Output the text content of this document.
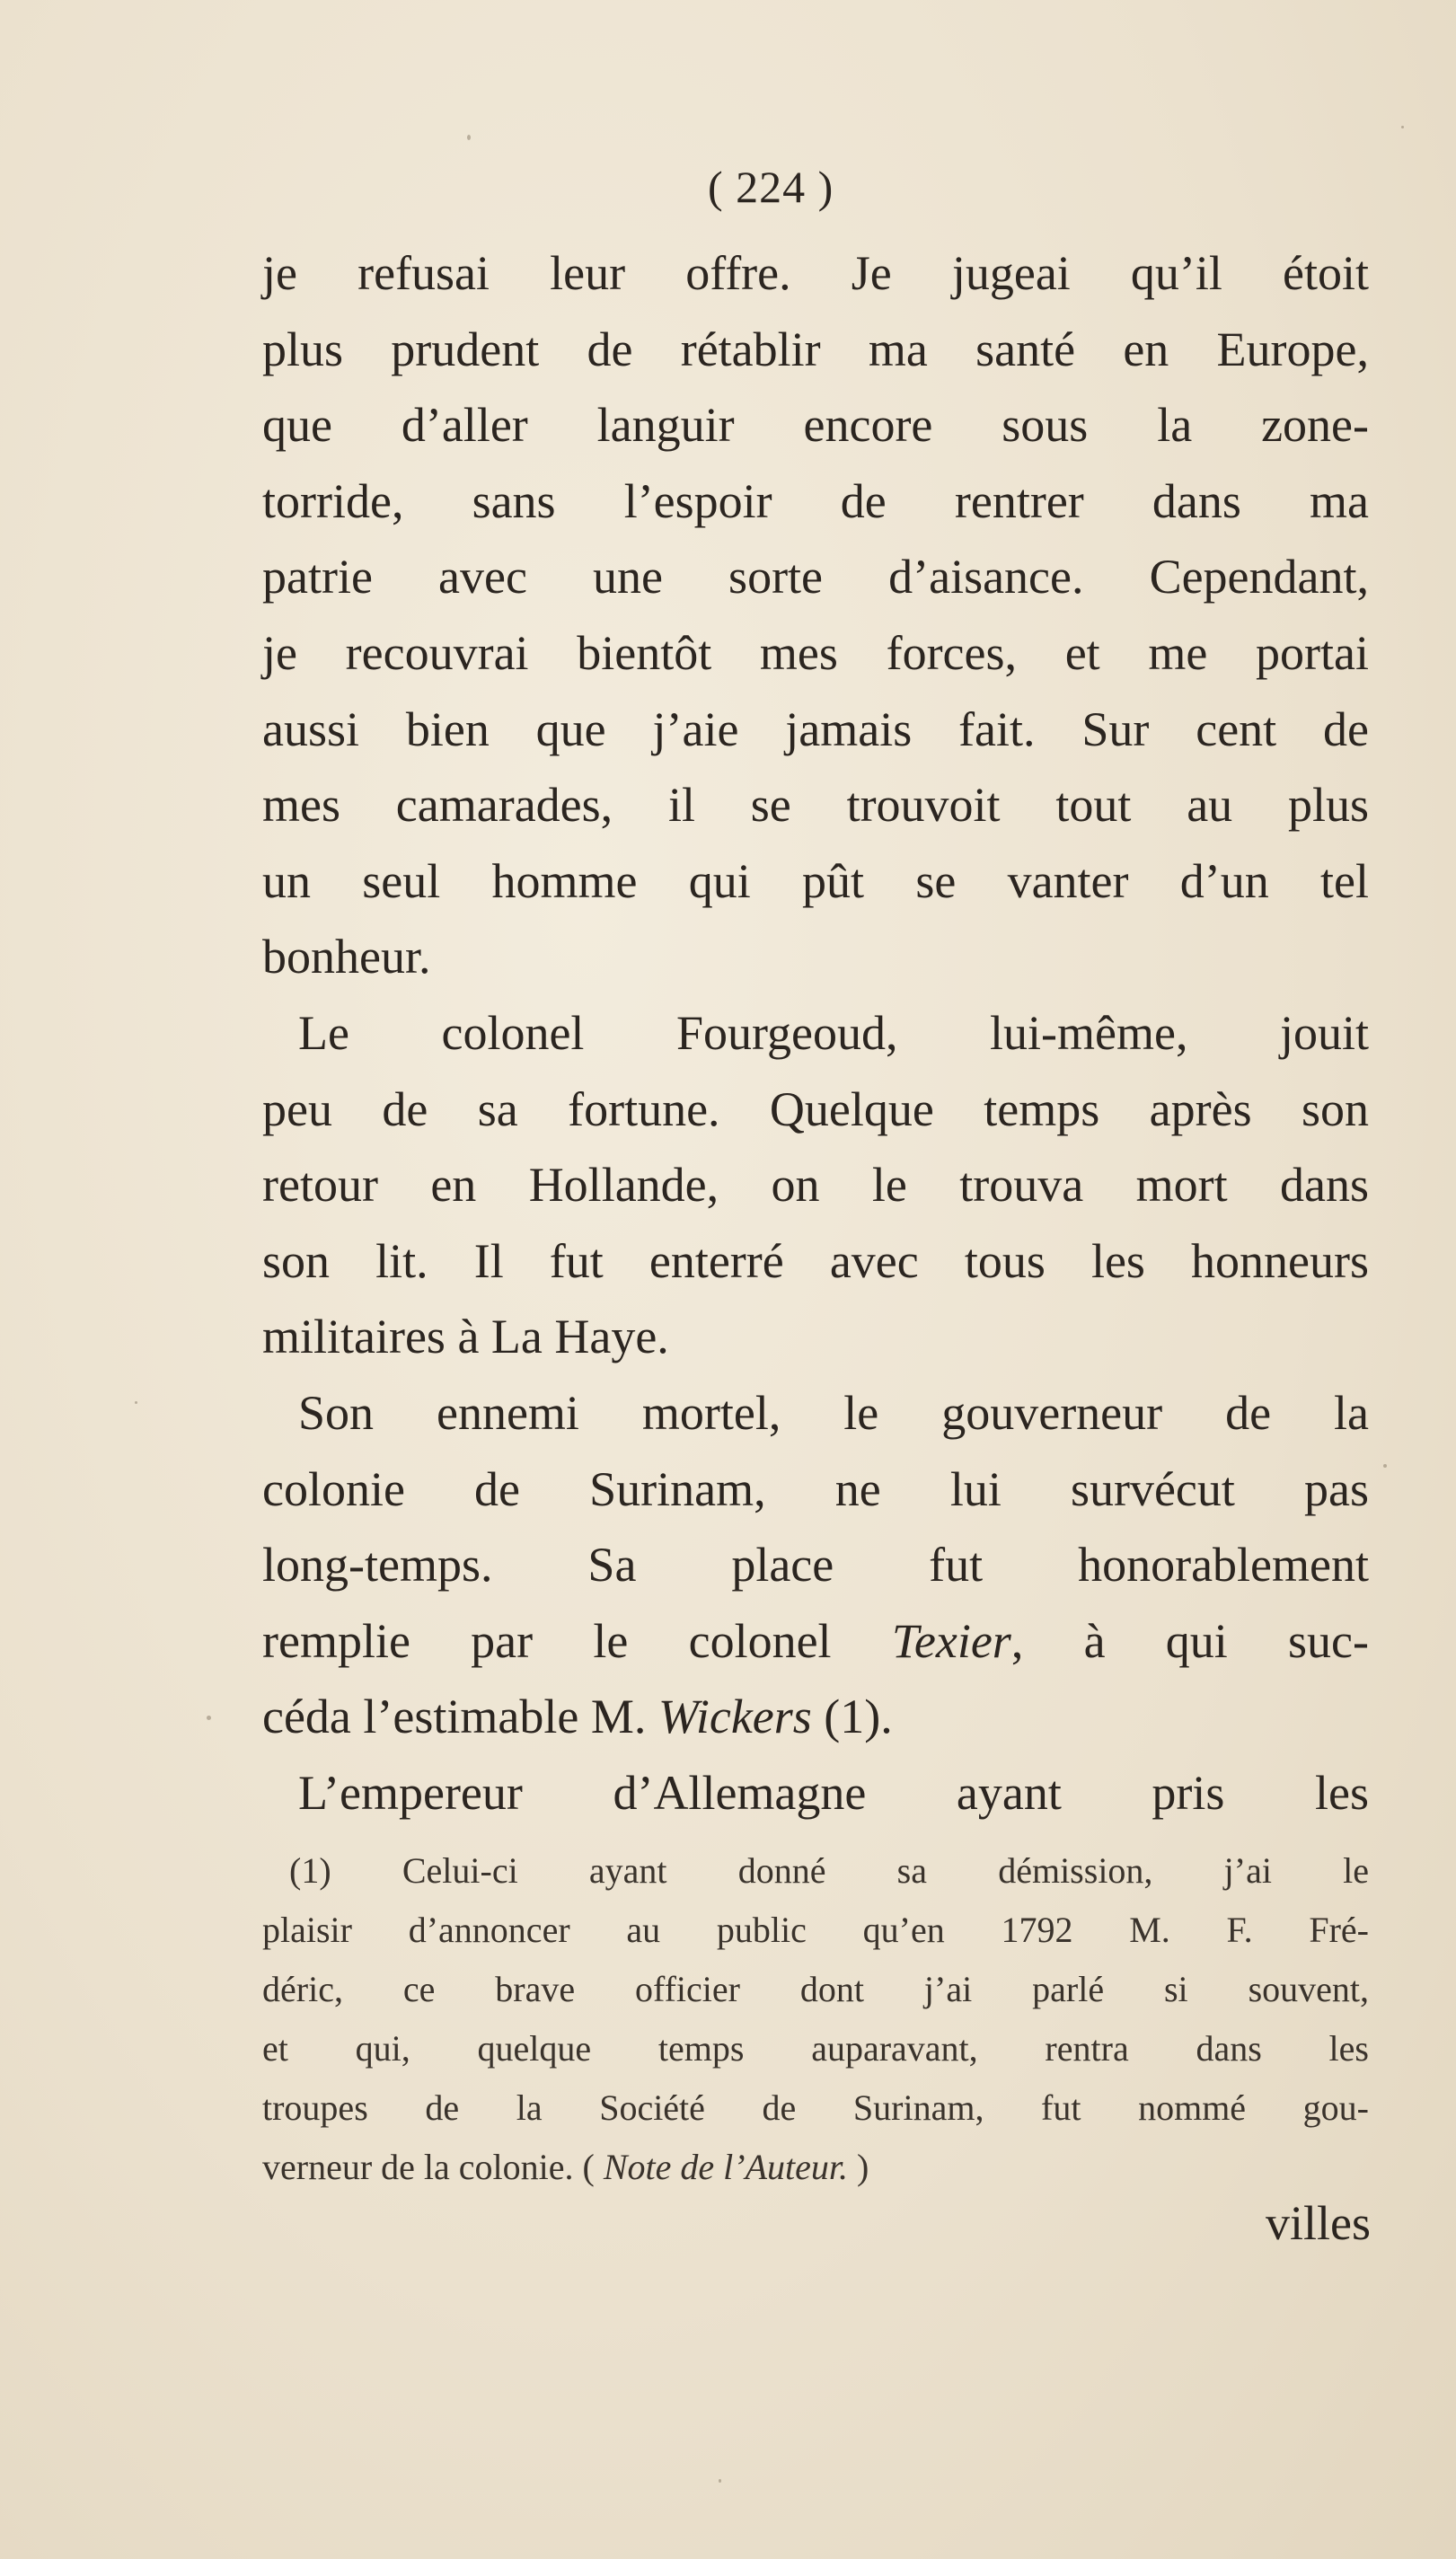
( 224 )
je refusai leur offre. Je jugeai qu’il étoit
plus prudent de rétablir ma santé en Europe,
que d’aller languir encore sous la zone-
torride, sans l’espoir de rentrer dans ma
patrie avec une sorte d’aisance. Cependant,
je recouvrai bientôt mes forces, et me portai
aussi bien que j’aie jamais fait. Sur cent de
mes camarades, il se trouvoit tout au plus
un seul homme qui pût se vanter d’un tel
bonheur.
Le colonel Fourgeoud, lui-même, jouit
peu de sa fortune. Quelque temps après son
retour en Hollande, on le trouva mort dans
son lit. Il fut enterré avec tous les honneurs
militaires à La Haye.
Son ennemi mortel, le gouverneur de la
colonie de Surinam, ne lui survécut pas
long-temps. Sa place fut honorablement
remplie par le colonel Texier, à qui suc-
céda l’estimable M. Wickers (1).
L’empereur d’Allemagne ayant pris les
(1) Celui-ci ayant donné sa démission, j’ai le
plaisir d’annoncer au public qu’en 1792 M. F. Fré-
déric, ce brave officier dont j’ai parlé si souvent,
et qui, quelque temps auparavant, rentra dans les
troupes de la Société de Surinam, fut nommé gou-
verneur de la colonie. ( Note de l’Auteur. )
villes
